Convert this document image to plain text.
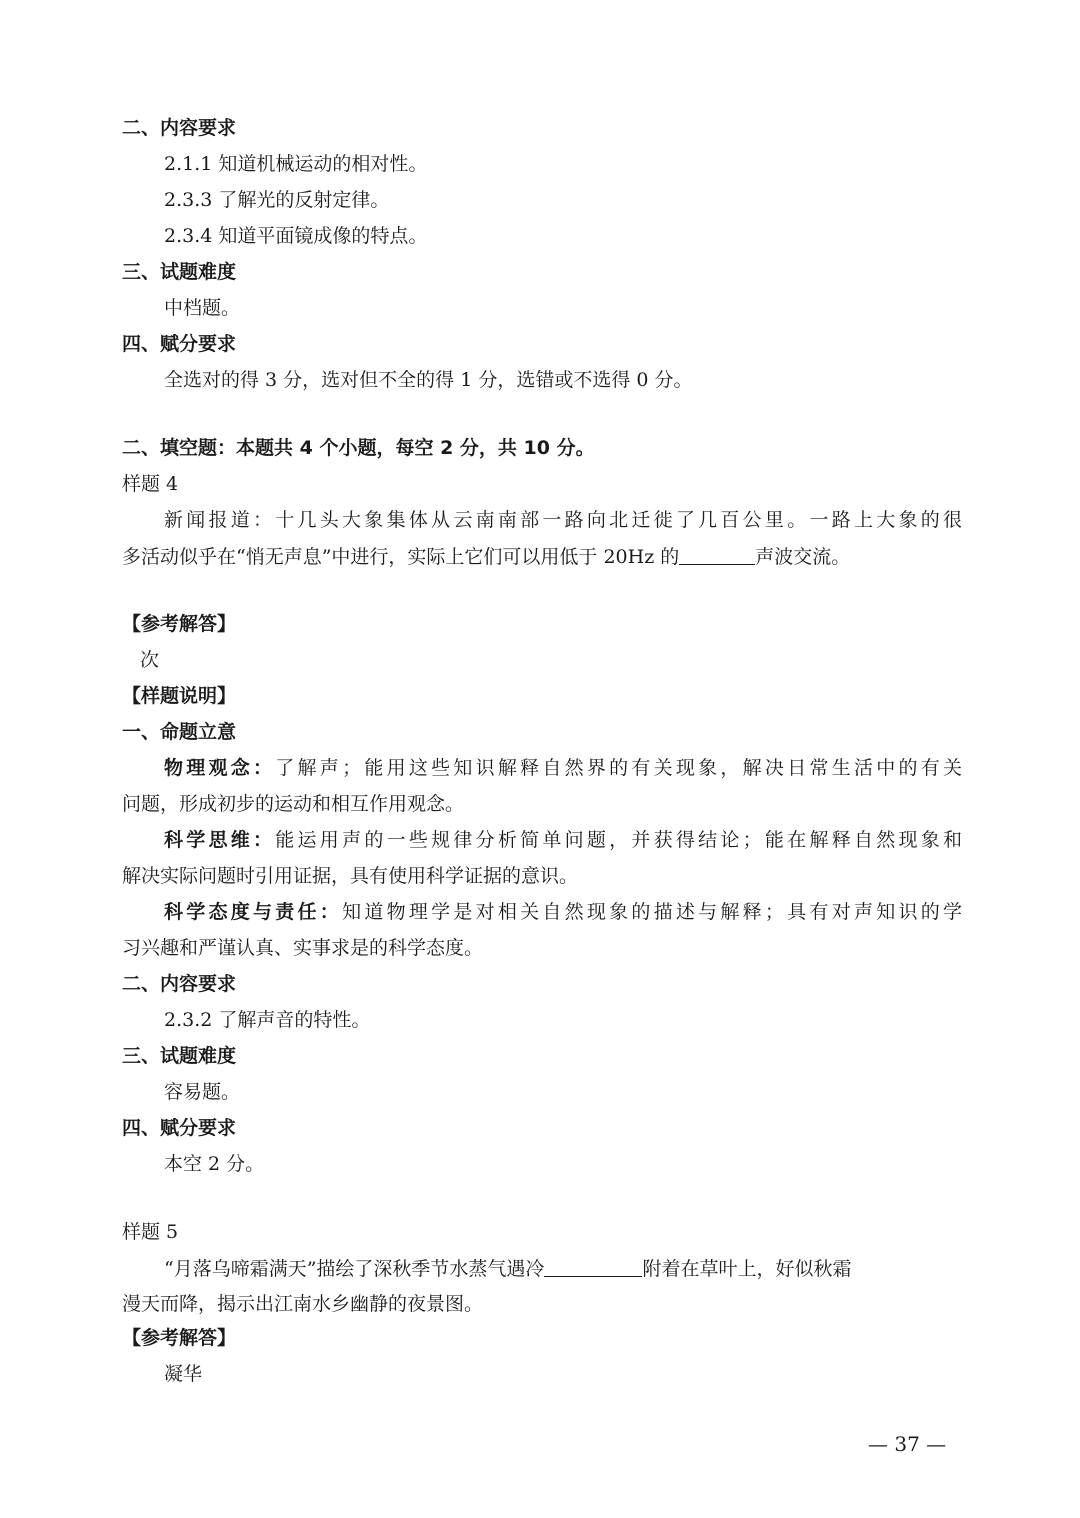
二、内容要求
2.1.1 知道机械运动的相对性。
2.3.3 了解光的反射定律。
2.3.4 知道平面镜成像的特点。
三、试题难度
中档题。
四、赋分要求
全选对的得 3 分，选对但不全的得 1 分，选错或不选得 0 分。
二、填空题：本题共 4 个小题，每空 2 分，共 10 分。
样题 4
新闻报道：十几头大象集体从云南南部一路向北迁徙了几百公里。一路上大象的很
多活动似乎在“悄无声息”中进行，实际上它们可以用低于 20Hz 的	声波交流。
【参考解答】
次
【样题说明】
一、命题立意
物理观念：了解声；能用这些知识解释自然界的有关现象，解决日常生活中的有关
问题，形成初步的运动和相互作用观念。
科学思维：能运用声的一些规律分析简单问题，并获得结论；能在解释自然现象和
解决实际问题时引用证据，具有使用科学证据的意识。
科学态度与责任：知道物理学是对相关自然现象的描述与解释；具有对声知识的学
习兴趣和严谨认真、实事求是的科学态度。
二、内容要求
2.3.2 了解声音的特性。
三、试题难度
容易题。
四、赋分要求
本空 2 分。
样题 5
“月落乌啼霜满天”描绘了深秋季节水蒸气遇冷	附着在草叶上，好似秋霜
漫天而降，揭示出江南水乡幽静的夜景图。
【参考解答】
凝华
— 37 —
